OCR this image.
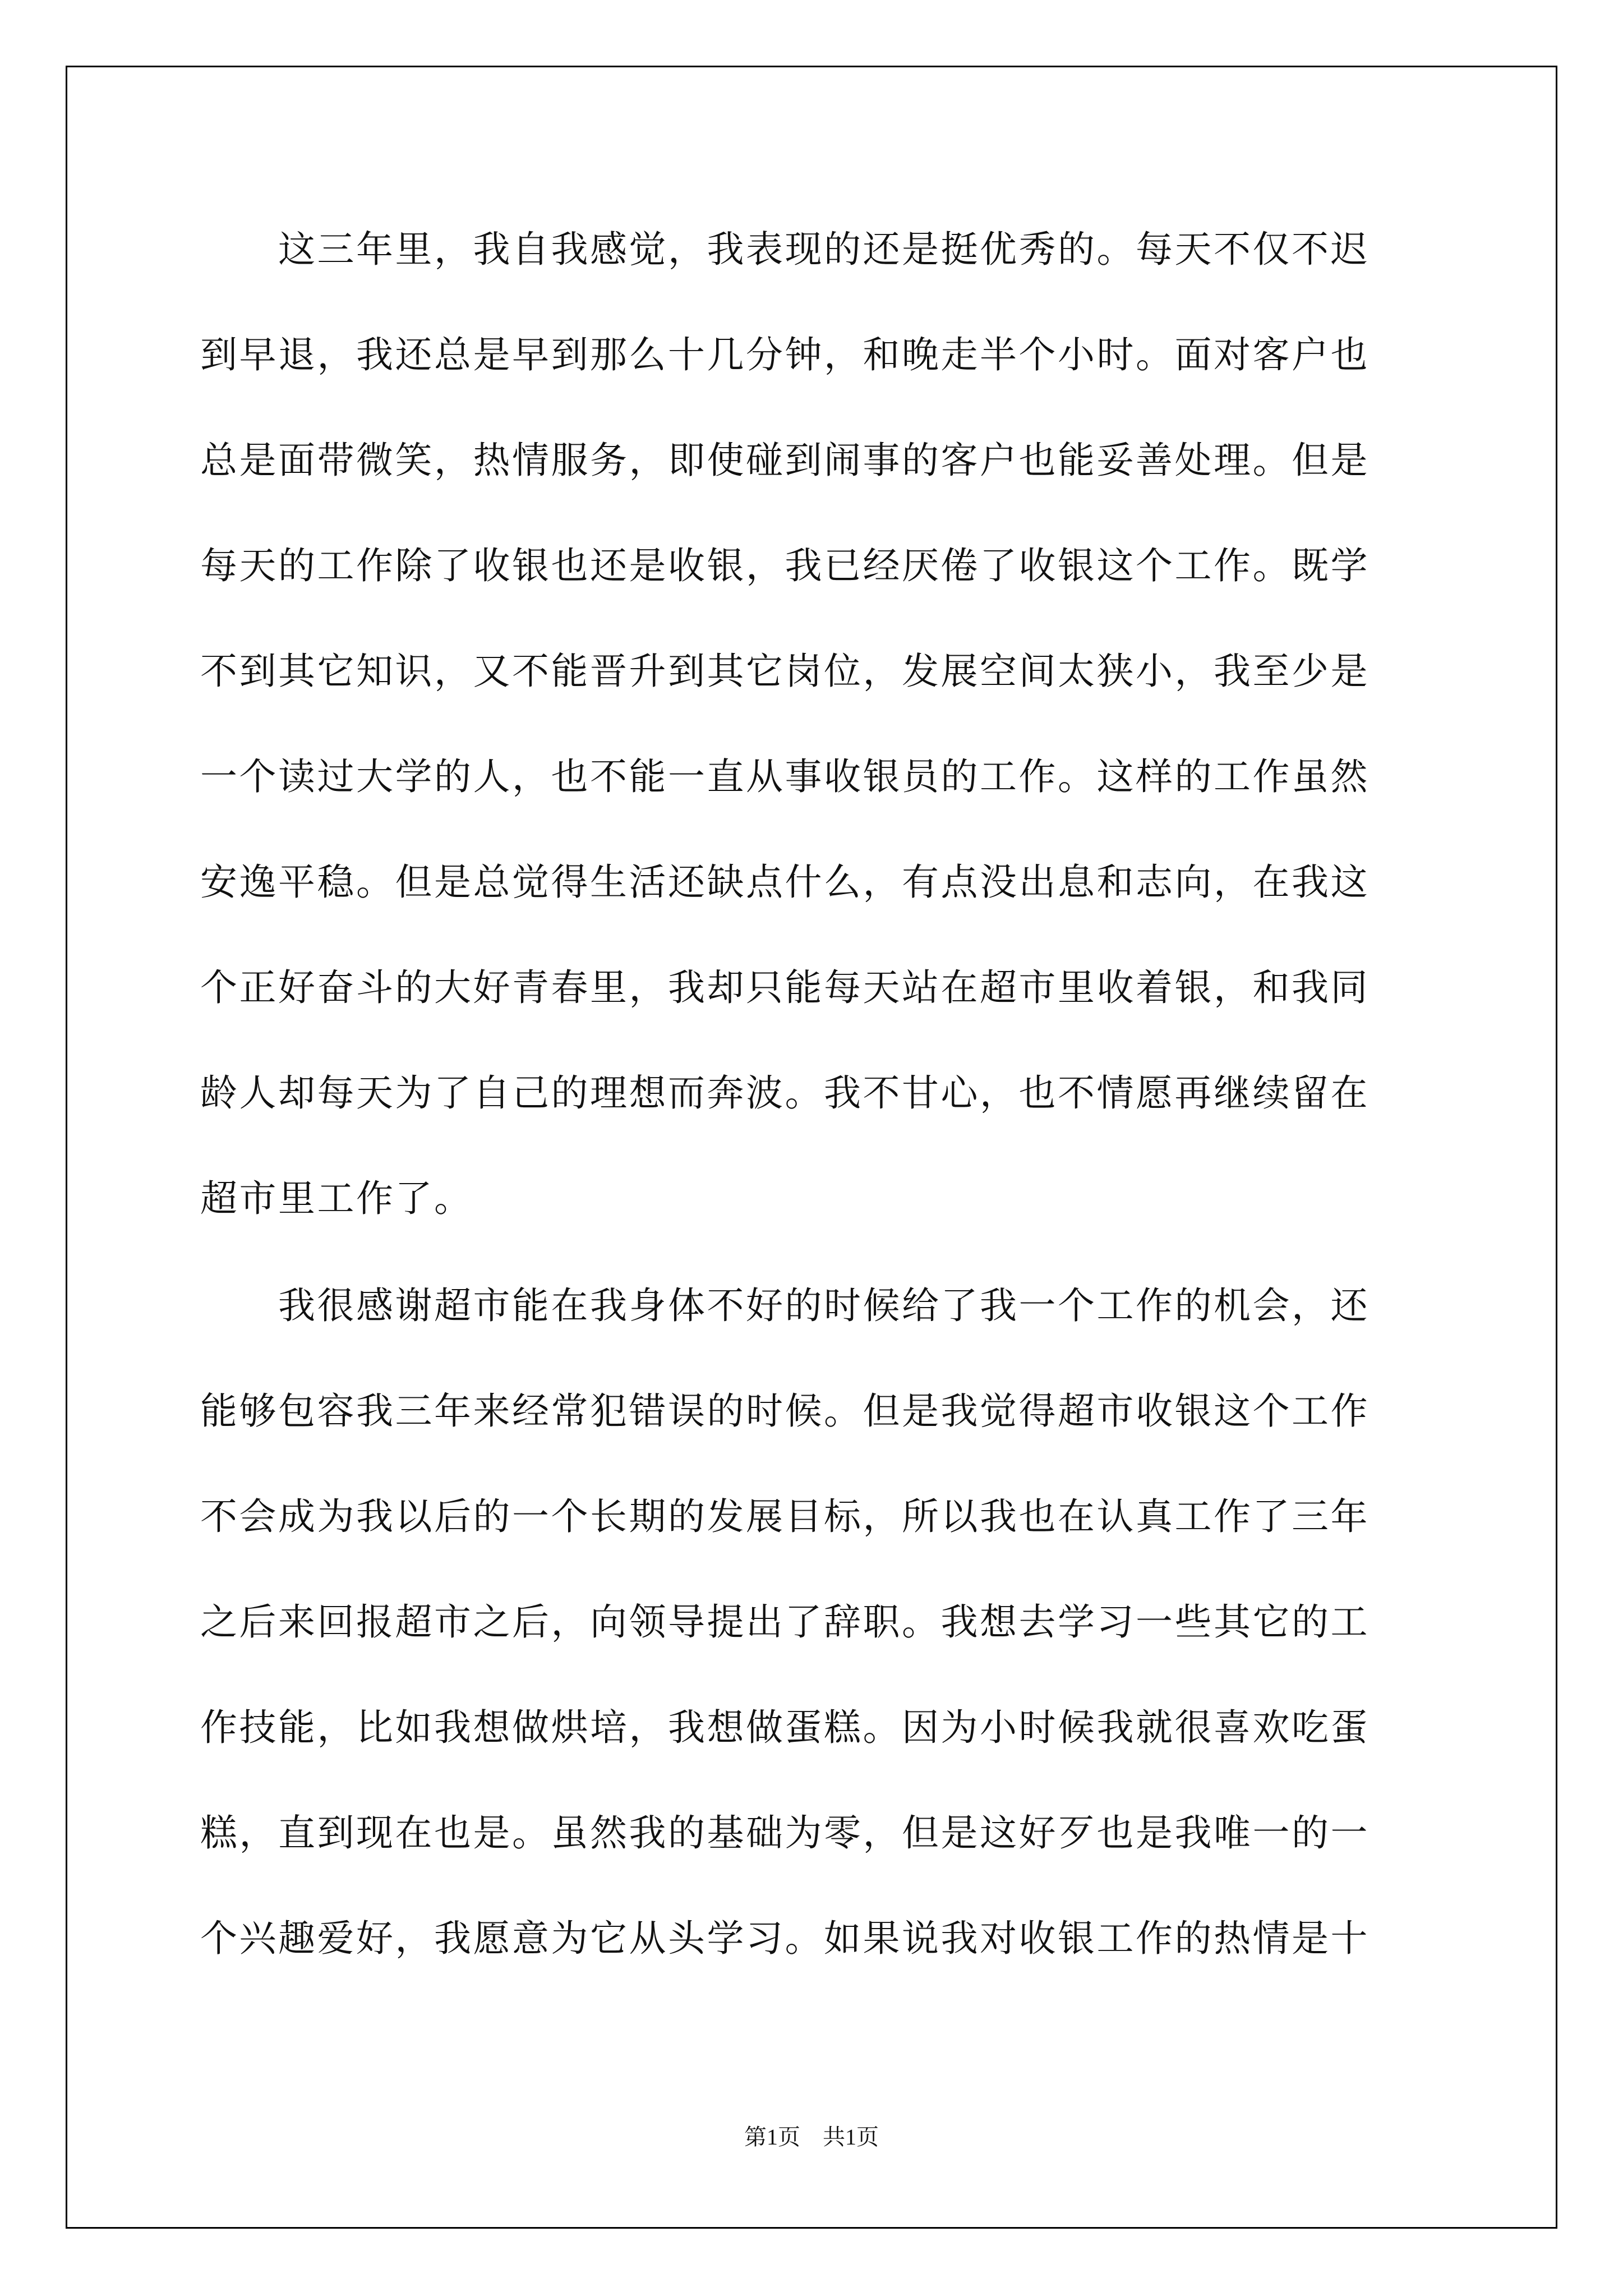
　　这三年里，我自我感觉，我表现的还是挺优秀的。每天不仅不迟
到早退，我还总是早到那么十几分钟，和晚走半个小时。面对客户也
总是面带微笑，热情服务，即使碰到闹事的客户也能妥善处理。但是
每天的工作除了收银也还是收银，我已经厌倦了收银这个工作。既学
不到其它知识，又不能晋升到其它岗位，发展空间太狭小，我至少是
一个读过大学的人，也不能一直从事收银员的工作。这样的工作虽然
安逸平稳。但是总觉得生活还缺点什么，有点没出息和志向，在我这
个正好奋斗的大好青春里，我却只能每天站在超市里收着银，和我同
龄人却每天为了自己的理想而奔波。我不甘心，也不情愿再继续留在
超市里工作了。
　　我很感谢超市能在我身体不好的时候给了我一个工作的机会，还
能够包容我三年来经常犯错误的时候。但是我觉得超市收银这个工作
不会成为我以后的一个长期的发展目标，所以我也在认真工作了三年
之后来回报超市之后，向领导提出了辞职。我想去学习一些其它的工
作技能，比如我想做烘培，我想做蛋糕。因为小时候我就很喜欢吃蛋
糕，直到现在也是。虽然我的基础为零，但是这好歹也是我唯一的一
个兴趣爱好，我愿意为它从头学习。如果说我对收银工作的热情是十
第1页　共1页
